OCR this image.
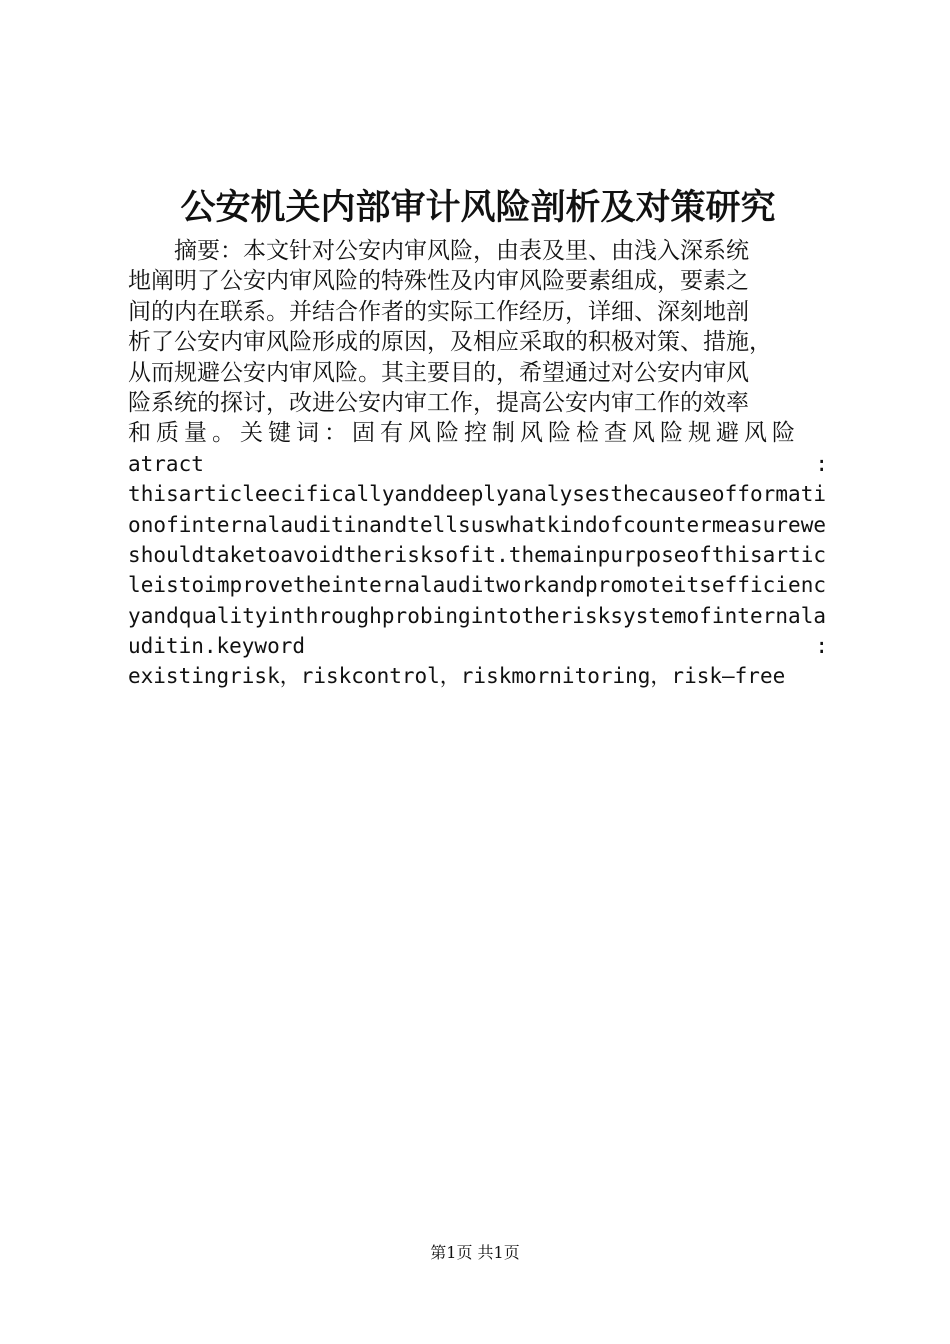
公安机关内部审计风险剖析及对策研究
摘要：本文针对公安内审风险，由表及里、由浅入深系统
地阐明了公安内审风险的特殊性及内审风险要素组成，要素之
间的内在联系。并结合作者的实际工作经历，详细、深刻地剖
析了公安内审风险形成的原因，及相应采取的积极对策、措施，
从而规避公安内审风险。其主要目的，希望通过对公安内审风
险系统的探讨，改进公安内审工作，提高公安内审工作的效率
和质量。关键词：固有风险控制风险检查风险规避风险
atract	:
thisarticleecificallyanddeeplyanalysesthecauseofformati
onofinternalauditinandtellsuswhatkindofcountermeasurewe
shouldtaketoavoidtherisksofit.themainpurposeofthisartic
leistoimprovetheinternalauditworkandpromoteitsefficienc
yandqualityinthroughprobingintotherisksystemofinternala
uditin.keyword	:
existingrisk，riskcontrol，riskmornitoring，risk—free
第1页 共1页
